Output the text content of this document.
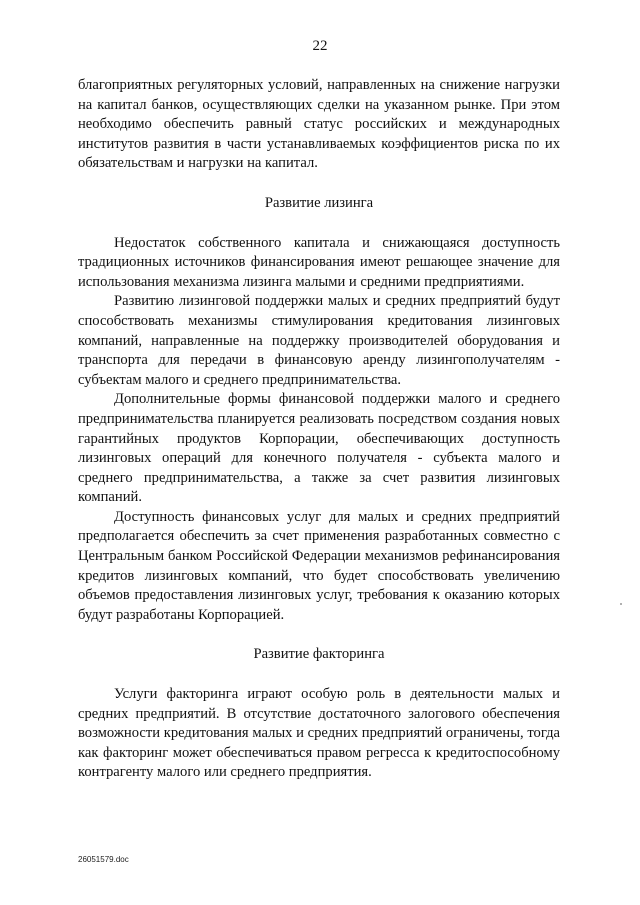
22

благоприятных регуляторных условий, направленных на снижение нагрузки на капитал банков, осуществляющих сделки на указанном рынке. При этом необходимо обеспечить равный статус российских и международных институтов развития в части устанавливаемых коэффициентов риска по их обязательствам и нагрузки на капитал.

Развитие лизинга

Недостаток собственного капитала и снижающаяся доступность традиционных источников финансирования имеют решающее значение для использования механизма лизинга малыми и средними предприятиями.

Развитию лизинговой поддержки малых и средних предприятий будут способствовать механизмы стимулирования кредитования лизинговых компаний, направленные на поддержку производителей оборудования и транспорта для передачи в финансовую аренду лизингополучателям - субъектам малого и среднего предпринимательства.

Дополнительные формы финансовой поддержки малого и среднего предпринимательства планируется реализовать посредством создания новых гарантийных продуктов Корпорации, обеспечивающих доступность лизинговых операций для конечного получателя - субъекта малого и среднего предпринимательства, а также за счет развития лизинговых компаний.

Доступность финансовых услуг для малых и средних предприятий предполагается обеспечить за счет применения разработанных совместно с Центральным банком Российской Федерации механизмов рефинансирования кредитов лизинговых компаний, что будет способствовать увеличению объемов предоставления лизинговых услуг, требования к оказанию которых будут разработаны Корпорацией.

Развитие факторинга

Услуги факторинга играют особую роль в деятельности малых и средних предприятий. В отсутствие достаточного залогового обеспечения возможности кредитования малых и средних предприятий ограничены, тогда как факторинг может обеспечиваться правом регресса к кредитоспособному контрагенту малого или среднего предприятия.

26051579.doc
